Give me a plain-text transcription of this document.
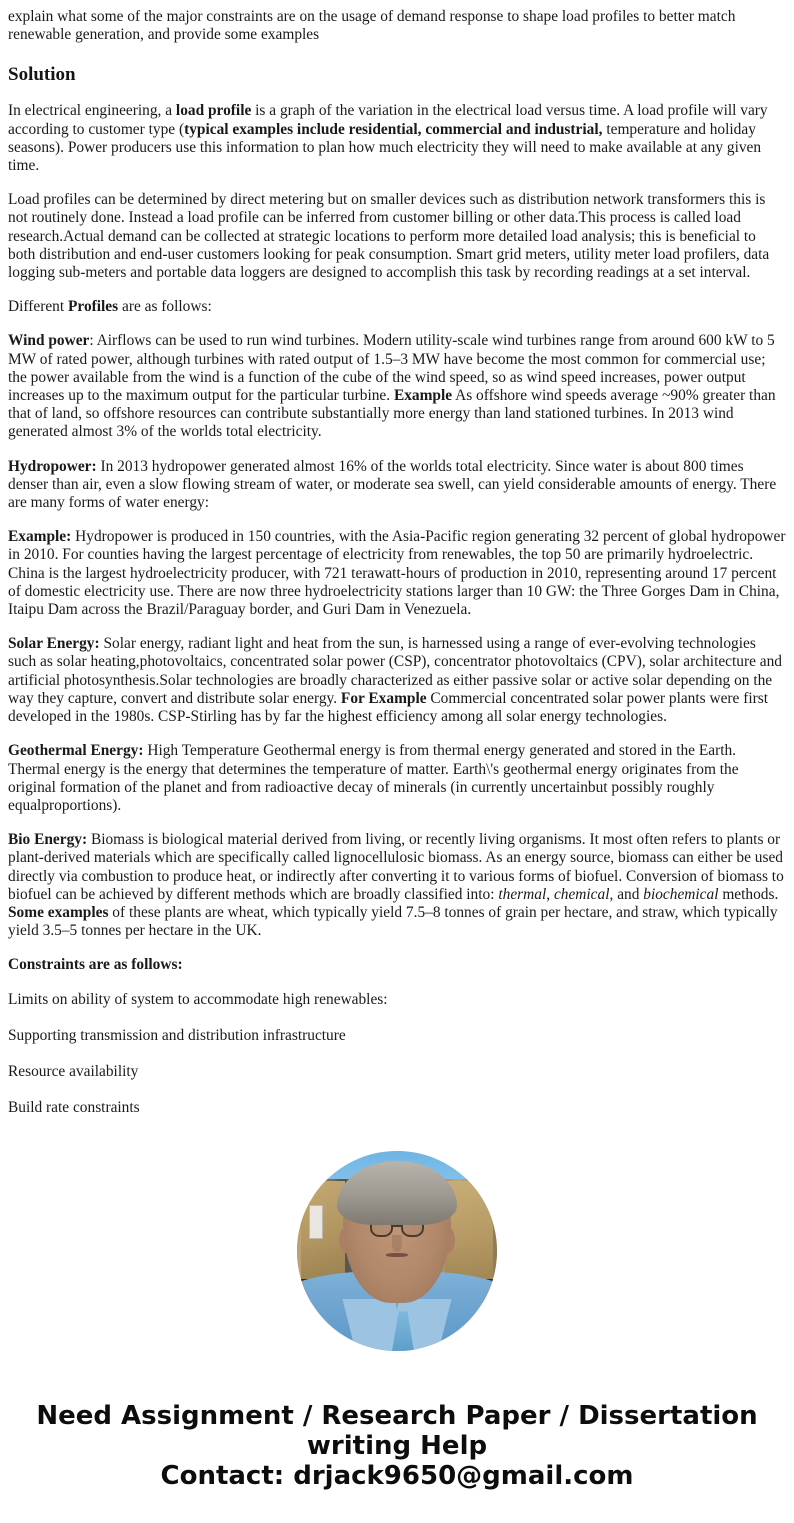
explain what some of the major constraints are on the usage of demand response to shape load profiles to better match renewable generation, and provide some examples

Solution

In electrical engineering, a load profile is a graph of the variation in the electrical load versus time. A load profile will vary according to customer type (typical examples include residential, commercial and industrial, temperature and holiday seasons). Power producers use this information to plan how much electricity they will need to make available at any given time.

Load profiles can be determined by direct metering but on smaller devices such as distribution network transformers this is not routinely done. Instead a load profile can be inferred from customer billing or other data.This process is called load research.Actual demand can be collected at strategic locations to perform more detailed load analysis; this is beneficial to both distribution and end-user customers looking for peak consumption. Smart grid meters, utility meter load profilers, data logging sub-meters and portable data loggers are designed to accomplish this task by recording readings at a set interval.

Different Profiles are as follows:

Wind power: Airflows can be used to run wind turbines. Modern utility-scale wind turbines range from around 600 kW to 5 MW of rated power, although turbines with rated output of 1.5–3 MW have become the most common for commercial use; the power available from the wind is a function of the cube of the wind speed, so as wind speed increases, power output increases up to the maximum output for the particular turbine. Example As offshore wind speeds average ~90% greater than that of land, so offshore resources can contribute substantially more energy than land stationed turbines. In 2013 wind generated almost 3% of the worlds total electricity.

Hydropower: In 2013 hydropower generated almost 16% of the worlds total electricity. Since water is about 800 times denser than air, even a slow flowing stream of water, or moderate sea swell, can yield considerable amounts of energy. There are many forms of water energy:

Example: Hydropower is produced in 150 countries, with the Asia-Pacific region generating 32 percent of global hydropower in 2010. For counties having the largest percentage of electricity from renewables, the top 50 are primarily hydroelectric. China is the largest hydroelectricity producer, with 721 terawatt-hours of production in 2010, representing around 17 percent of domestic electricity use. There are now three hydroelectricity stations larger than 10 GW: the Three Gorges Dam in China, Itaipu Dam across the Brazil/Paraguay border, and Guri Dam in Venezuela.

Solar Energy: Solar energy, radiant light and heat from the sun, is harnessed using a range of ever-evolving technologies such as solar heating,photovoltaics, concentrated solar power (CSP), concentrator photovoltaics (CPV), solar architecture and artificial photosynthesis.Solar technologies are broadly characterized as either passive solar or active solar depending on the way they capture, convert and distribute solar energy. For Example Commercial concentrated solar power plants were first developed in the 1980s. CSP-Stirling has by far the highest efficiency among all solar energy technologies.

Geothermal Energy: High Temperature Geothermal energy is from thermal energy generated and stored in the Earth. Thermal energy is the energy that determines the temperature of matter. Earth\'s geothermal energy originates from the original formation of the planet and from radioactive decay of minerals (in currently uncertainbut possibly roughly equalproportions).

Bio Energy: Biomass is biological material derived from living, or recently living organisms. It most often refers to plants or plant-derived materials which are specifically called lignocellulosic biomass. As an energy source, biomass can either be used directly via combustion to produce heat, or indirectly after converting it to various forms of biofuel. Conversion of biomass to biofuel can be achieved by different methods which are broadly classified into: thermal, chemical, and biochemical methods. Some examples of these plants are wheat, which typically yield 7.5–8 tonnes of grain per hectare, and straw, which typically yield 3.5–5 tonnes per hectare in the UK.

Constraints are as follows:

Limits on ability of system to accommodate high renewables:

Supporting transmission and distribution infrastructure

Resource availability

Build rate constraints

Need Assignment / Research Paper / Dissertation
writing Help
Contact: drjack9650@gmail.com
